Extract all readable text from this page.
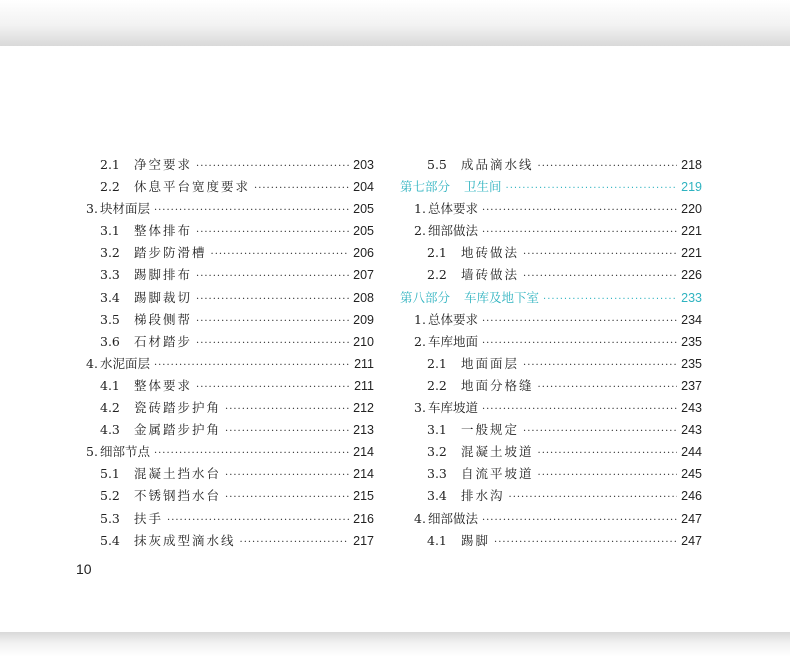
2.1	净空要求 ·····	203
2.2	休息平台宽度要求 ·····	204
3. 块材面层 ·····	205
3.1	整体排布 ·····	205
3.2	踏步防滑槽 ·····	206
3.3	踢脚排布 ·····	207
3.4	踢脚裁切 ·····	208
3.5	梯段侧帮 ·····	209
3.6	石材踏步 ·····	210
4. 水泥面层 ·····	211
4.1	整体要求 ·····	211
4.2	瓷砖踏步护角 ·····	212
4.3	金属踏步护角 ·····	213
5. 细部节点 ·····	214
5.1	混凝土挡水台 ·····	214
5.2	不锈钢挡水台 ·····	215
5.3	扶手 ·····	216
5.4	抹灰成型滴水线 ·····	217
5.5	成品滴水线 ·····	218
第七部分 卫生间 ·····	219
1. 总体要求 ·····	220
2. 细部做法 ·····	221
2.1	地砖做法 ·····	221
2.2	墙砖做法 ·····	226
第八部分 车库及地下室 ·····	233
1. 总体要求 ·····	234
2. 车库地面 ·····	235
2.1	地面面层 ·····	235
2.2	地面分格缝 ·····	237
3. 车库坡道 ·····	243
3.1	一般规定 ·····	243
3.2	混凝土坡道 ·····	244
3.3	自流平坡道 ·····	245
3.4	排水沟 ·····	246
4. 细部做法 ·····	247
4.1	踢脚 ·····	247
10
